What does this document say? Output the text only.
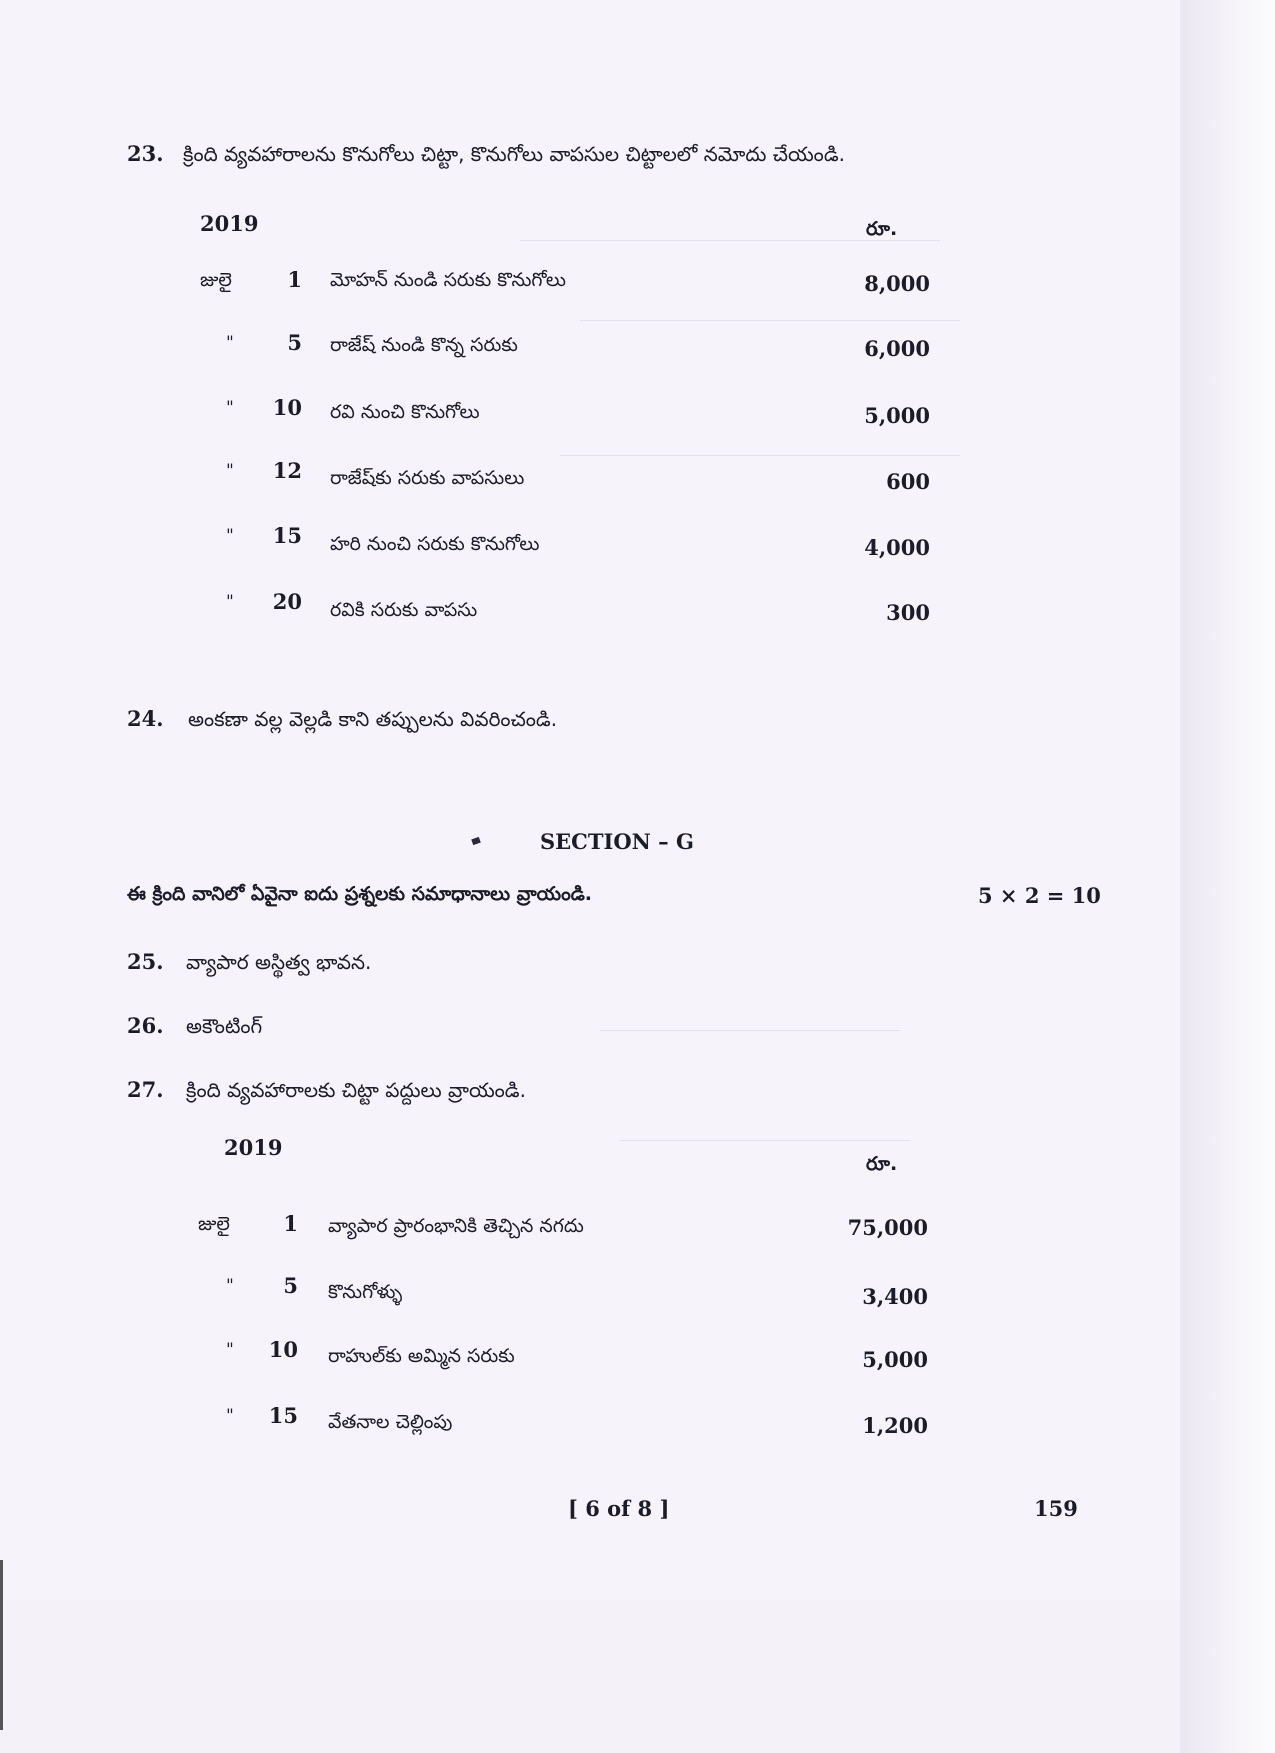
23. క్రింది వ్యవహారాలను కొనుగోలు చిట్టా, కొనుగోలు వాపసుల చిట్టాలలో నమోదు చేయండి.
2019	రూ.
జులై	1 మోహన్ నుండి సరుకు కొనుగోలు	8,000
"	5 రాజేష్ నుండి కొన్న సరుకు	6,000
"	10 రవి నుంచి కొనుగోలు	5,000
"	12 రాజేష్‌కు సరుకు వాపసులు	600
"	15 హరి నుంచి సరుకు కొనుగోలు	4,000
"	20 రవికి సరుకు వాపసు	300
24. అంకణా వల్ల వెల్లడి కాని తప్పులను వివరించండి.
SECTION – G
ఈ క్రింది వానిలో ఏవైనా ఐదు ప్రశ్నలకు సమాధానాలు వ్రాయండి.	5 × 2 = 10
25. వ్యాపార అస్థిత్వ భావన.
26. అకౌంటింగ్
27. క్రింది వ్యవహారాలకు చిట్టా పద్దులు వ్రాయండి.
2019
రూ.
జులై	1 వ్యాపార ప్రారంభానికి తెచ్చిన నగదు	75,000
"	5 కొనుగోళ్ళు	3,400
"	10 రాహుల్‌కు అమ్మిన సరుకు	5,000
"	15 వేతనాల చెల్లింపు	1,200
[ 6 of 8 ]	159
